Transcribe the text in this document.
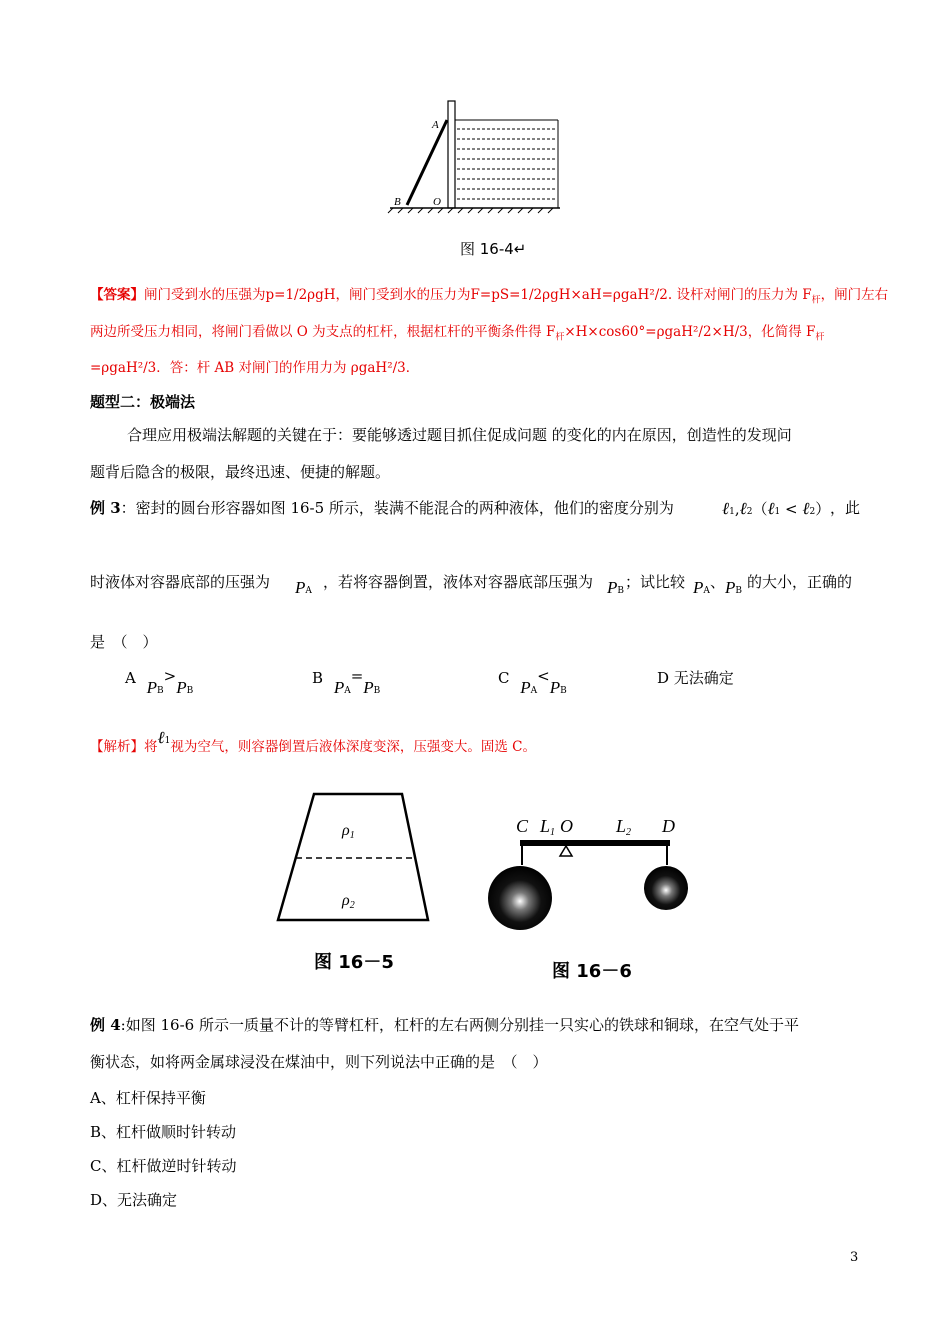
A
B	O
图 16-4↵
【答案】闸门受到水的压强为p=1/2ρgH，闸门受到水的压力为F=pS=1/2ρgH×aH=ρgaH²/2. 设杆对闸门的压力为 $F_杆$，闸门左右
两边所受压力相同，将闸门看做以 O 为支点的杠杆，根据杠杆的平衡条件得 $F_杆\times H\times\cos 60^\circ=\rho gaH^2/2\times H/3$，化简得 $F_杆$
=ρgaH²/3．答：杆 AB 对闸门的作用力为 ρgaH²/3．
题型二：极端法
合理应用极端法解题的关键在于：要能够透过题目抓住促成问题 的变化的内在原因，创造性的发现问
题背后隐含的极限，最终迅速、便捷的解题。
例 3：密封的圆台形容器如图 16-5 所示，装满不能混合的两种液体，他们的密度分别为	ℓ1,ℓ2（ℓ1 < ℓ2） ，此
时液体对容器底部的压强为 PA ，若将容器倒置，液体对容器底部压强为 PB ；试比较 PA 、 PB 的大小，正确的
是　（　）
A PB>PB
B PA=PB
C PA<PB
D 无法确定
【解析】将ℓ1视为空气，则容器倒置后液体深度变深，压强变大。固选 C。
ρ1
ρ2
图 16－5
C L1 O L2 D
图 16－6
例 4:如图 16-6 所示一质量不计的等臂杠杆，杠杆的左右两侧分别挂一只实心的铁球和铜球，在空气处于平
衡状态，如将两金属球浸没在煤油中，则下列说法中正确的是　（　）
A、杠杆保持平衡
B、杠杆做顺时针转动
C、杠杆做逆时针转动
D、无法确定
3
